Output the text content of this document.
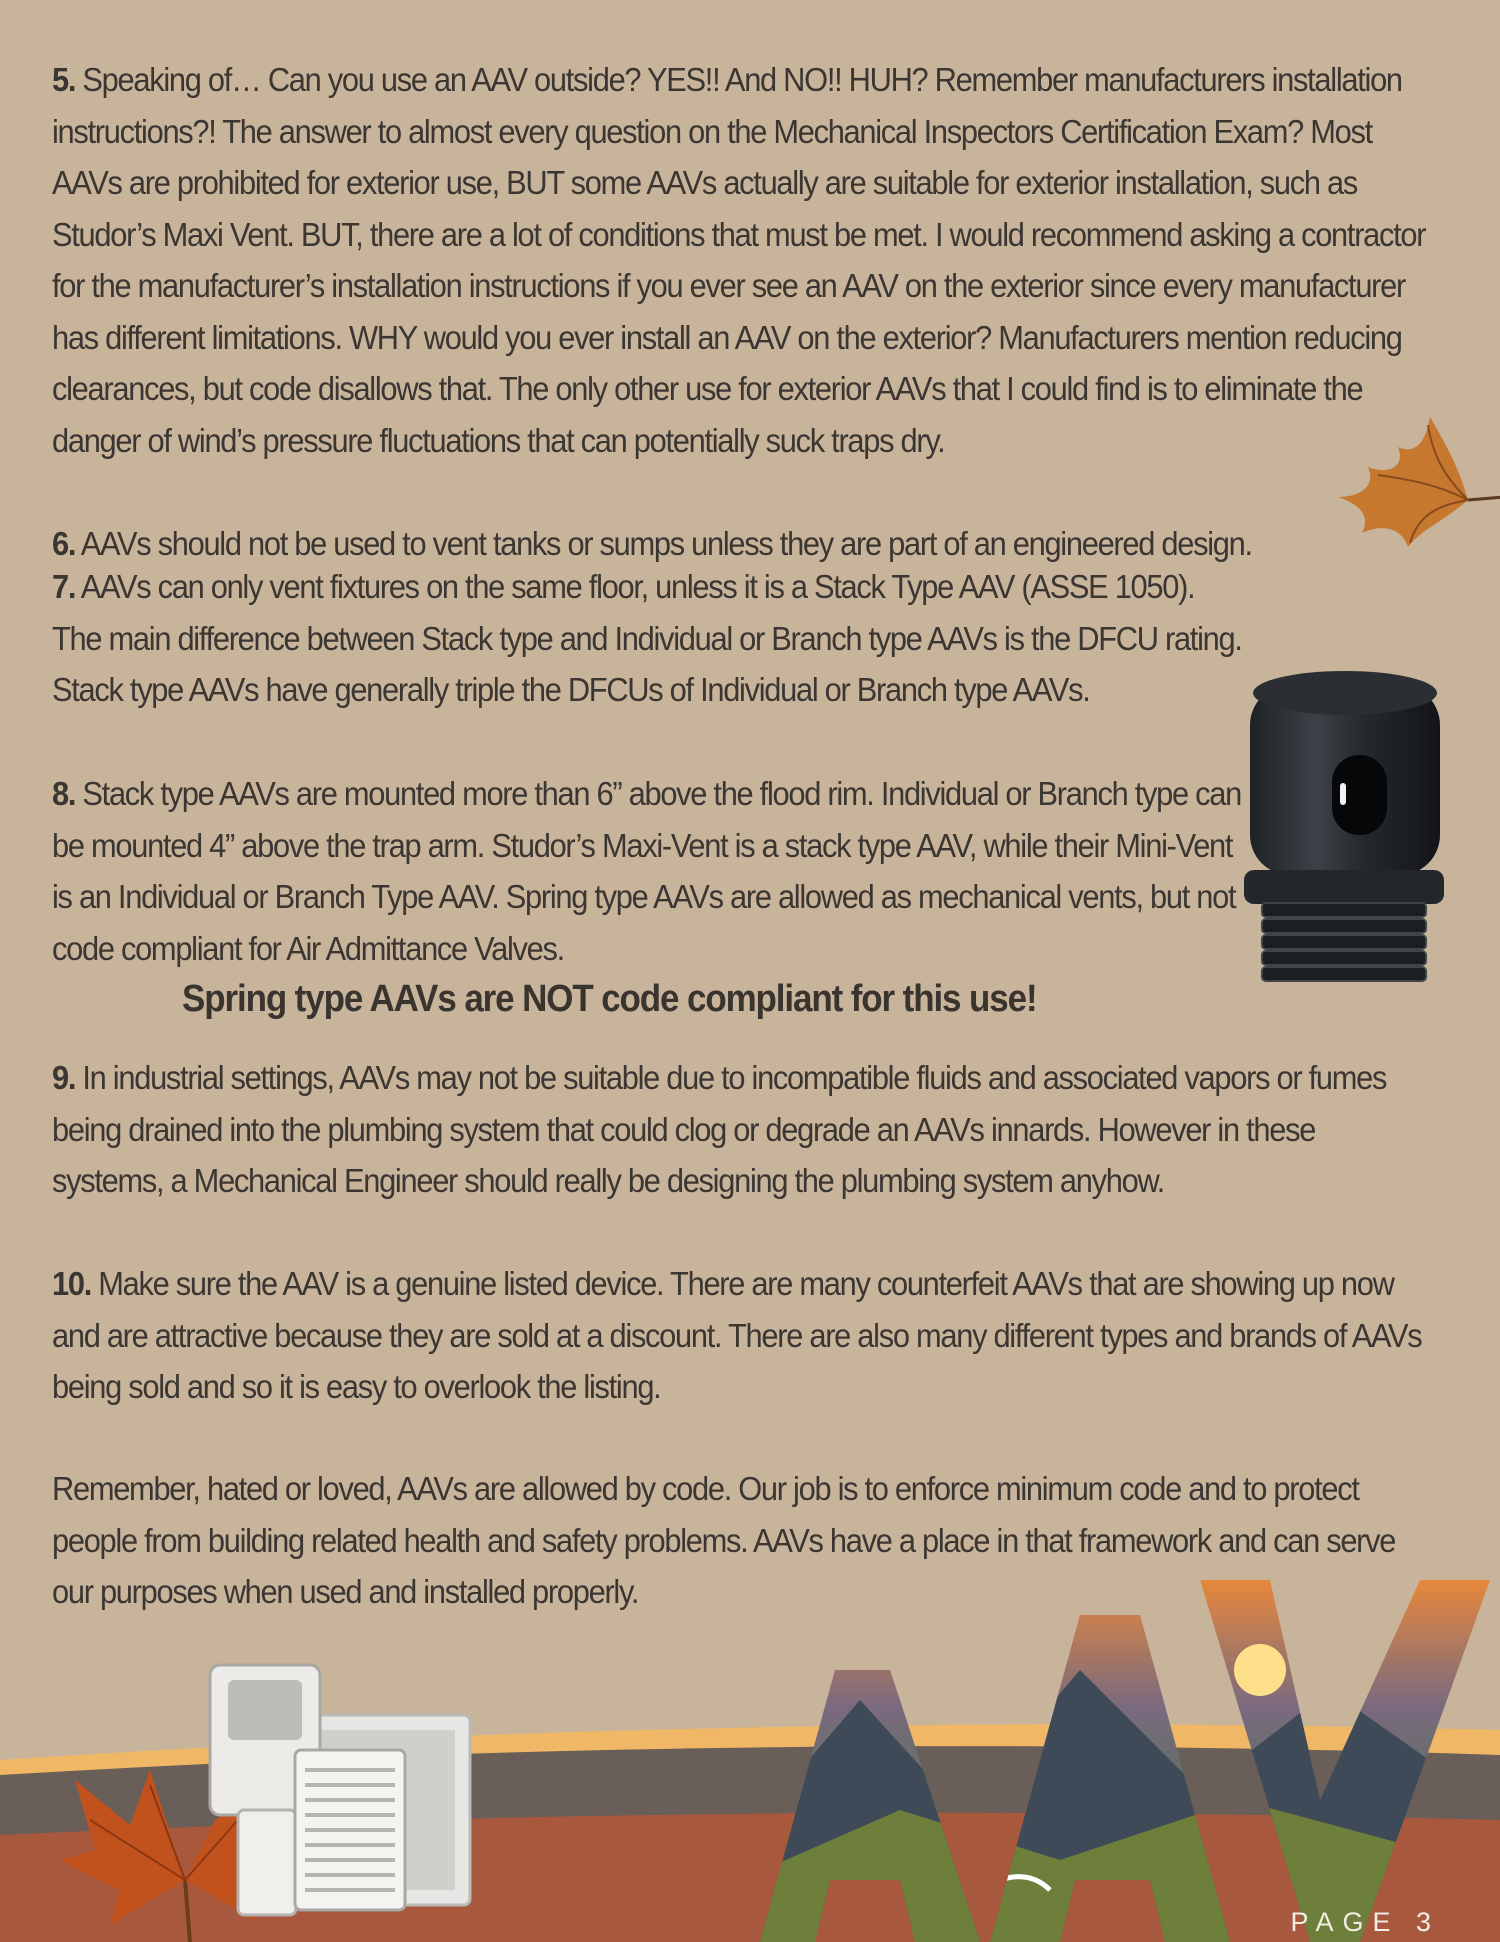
5. Speaking of… Can you use an AAV outside? YES!! And NO!! HUH? Remember manufacturers installation instructions?! The answer to almost every question on the Mechanical Inspectors Certification Exam? Most AAVs are prohibited for exterior use, BUT some AAVs actually are suitable for exterior installation, such as Studor’s Maxi Vent. BUT, there are a lot of conditions that must be met. I would recommend asking a contractor for the manufacturer’s installation instructions if you ever see an AAV on the exterior since every manufacturer has different limitations. WHY would you ever install an AAV on the exterior? Manufacturers mention reducing clearances, but code disallows that. The only other use for exterior AAVs that I could find is to eliminate the danger of wind’s pressure fluctuations that can potentially suck traps dry.

6. AAVs should not be used to vent tanks or sumps unless they are part of an engineered design.

7. AAVs can only vent fixtures on the same floor, unless it is a Stack Type AAV (ASSE 1050). The main difference between Stack type and Individual or Branch type AAVs is the DFCU rating. Stack type AAVs have generally triple the DFCUs of Individual or Branch type AAVs.

8. Stack type AAVs are mounted more than 6” above the flood rim. Individual or Branch type can be mounted 4” above the trap arm. Studor’s Maxi-Vent is a stack type AAV, while their Mini-Vent is an Individual or Branch Type AAV. Spring type AAVs are allowed as mechanical vents, but not code compliant for Air Admittance Valves.

Spring type AAVs are NOT code compliant for this use!

9. In industrial settings, AAVs may not be suitable due to incompatible fluids and associated vapors or fumes being drained into the plumbing system that could clog or degrade an AAVs innards. However in these systems, a Mechanical Engineer should really be designing the plumbing system anyhow.

10. Make sure the AAV is a genuine listed device. There are many counterfeit AAVs that are showing up now and are attractive because they are sold at a discount. There are also many different types and brands of AAVs being sold and so it is easy to overlook the listing.

Remember, hated or loved, AAVs are allowed by code. Our job is to enforce minimum code and to protect people from building related health and safety problems. AAVs have a place in that framework and can serve our purposes when used and installed properly.

PAGE 3
